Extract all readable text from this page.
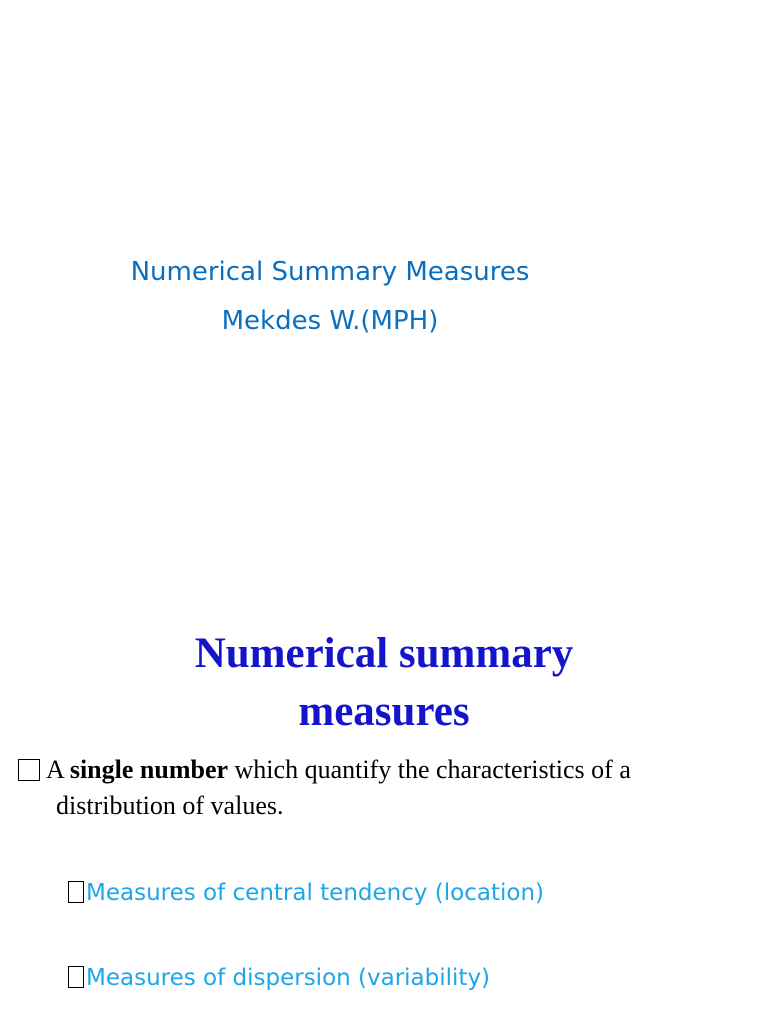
Numerical Summary Measures
Mekdes W.(MPH)
Numerical summary
measures
A single number which quantify the characteristics of a
distribution of values.
Measures of central tendency (location)
Measures of dispersion (variability)
